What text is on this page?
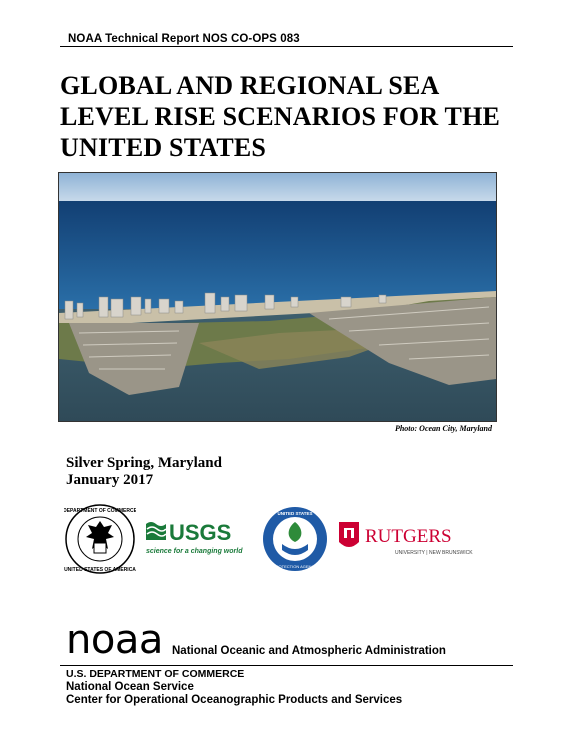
NOAA Technical Report NOS CO-OPS 083
GLOBAL AND REGIONAL SEA
LEVEL RISE SCENARIOS FOR THE
UNITED STATES
Photo: Ocean City, Maryland
Silver Spring, Maryland
January 2017
DEPARTMENT OF COMMERCE
UNITED STATES OF AMERICA
USGS
science for a changing world
UNITED STATES
PROTECTION AGENCY
RUTGERS
UNIVERSITY | NEW BRUNSWICK
noaa National Oceanic and Atmospheric Administration
U.S. DEPARTMENT OF COMMERCE
National Ocean Service
Center for Operational Oceanographic Products and Services
